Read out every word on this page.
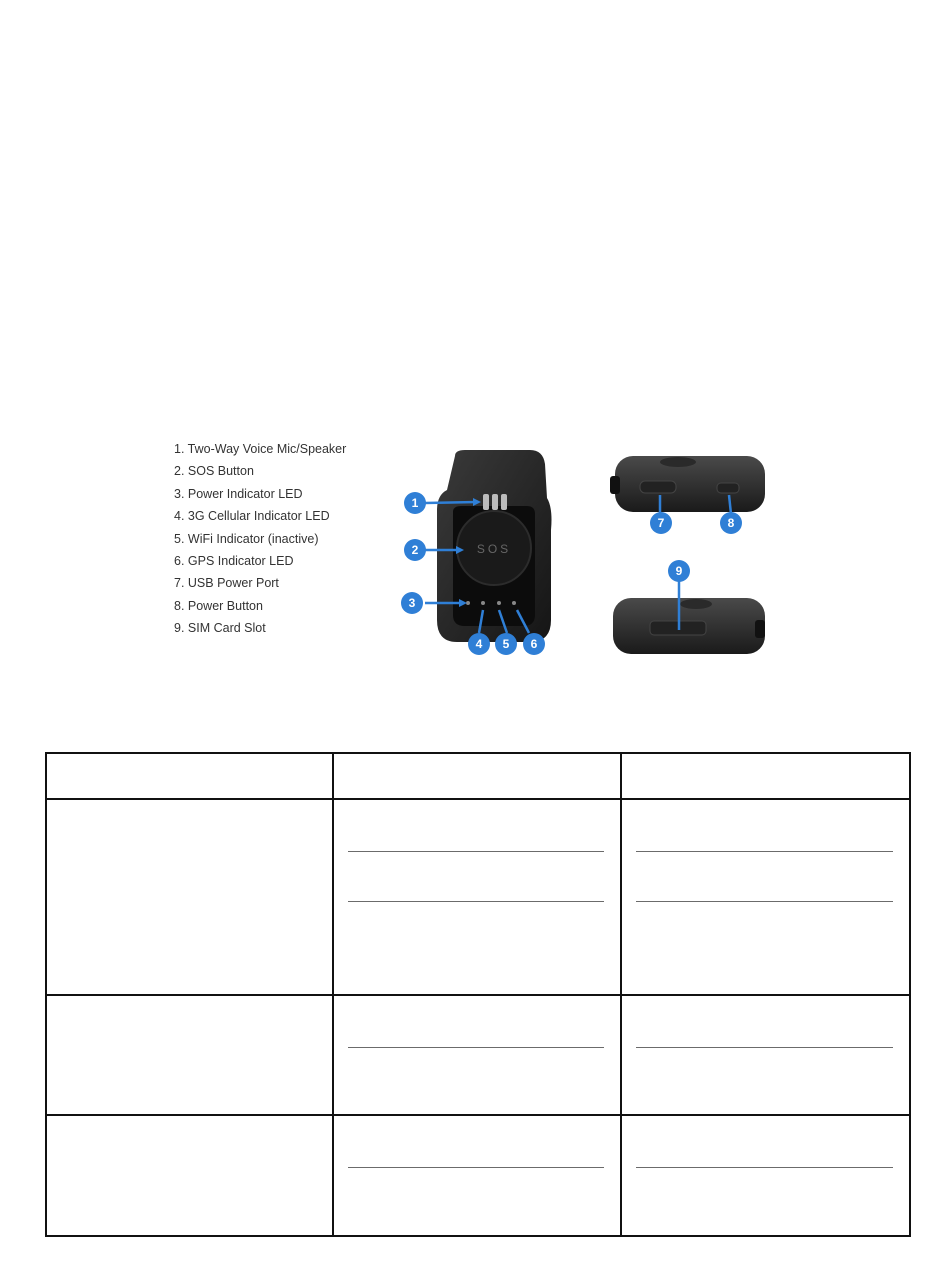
1. Two-Way Voice Mic/Speaker
2. SOS Button
3. Power Indicator LED
4. 3G Cellular Indicator LED
5. WiFi Indicator (inactive)
6. GPS Indicator LED
7. USB Power Port
8. Power Button
9. SIM Card Slot
SOS
1
2
3
4 5 6
7	8
9
